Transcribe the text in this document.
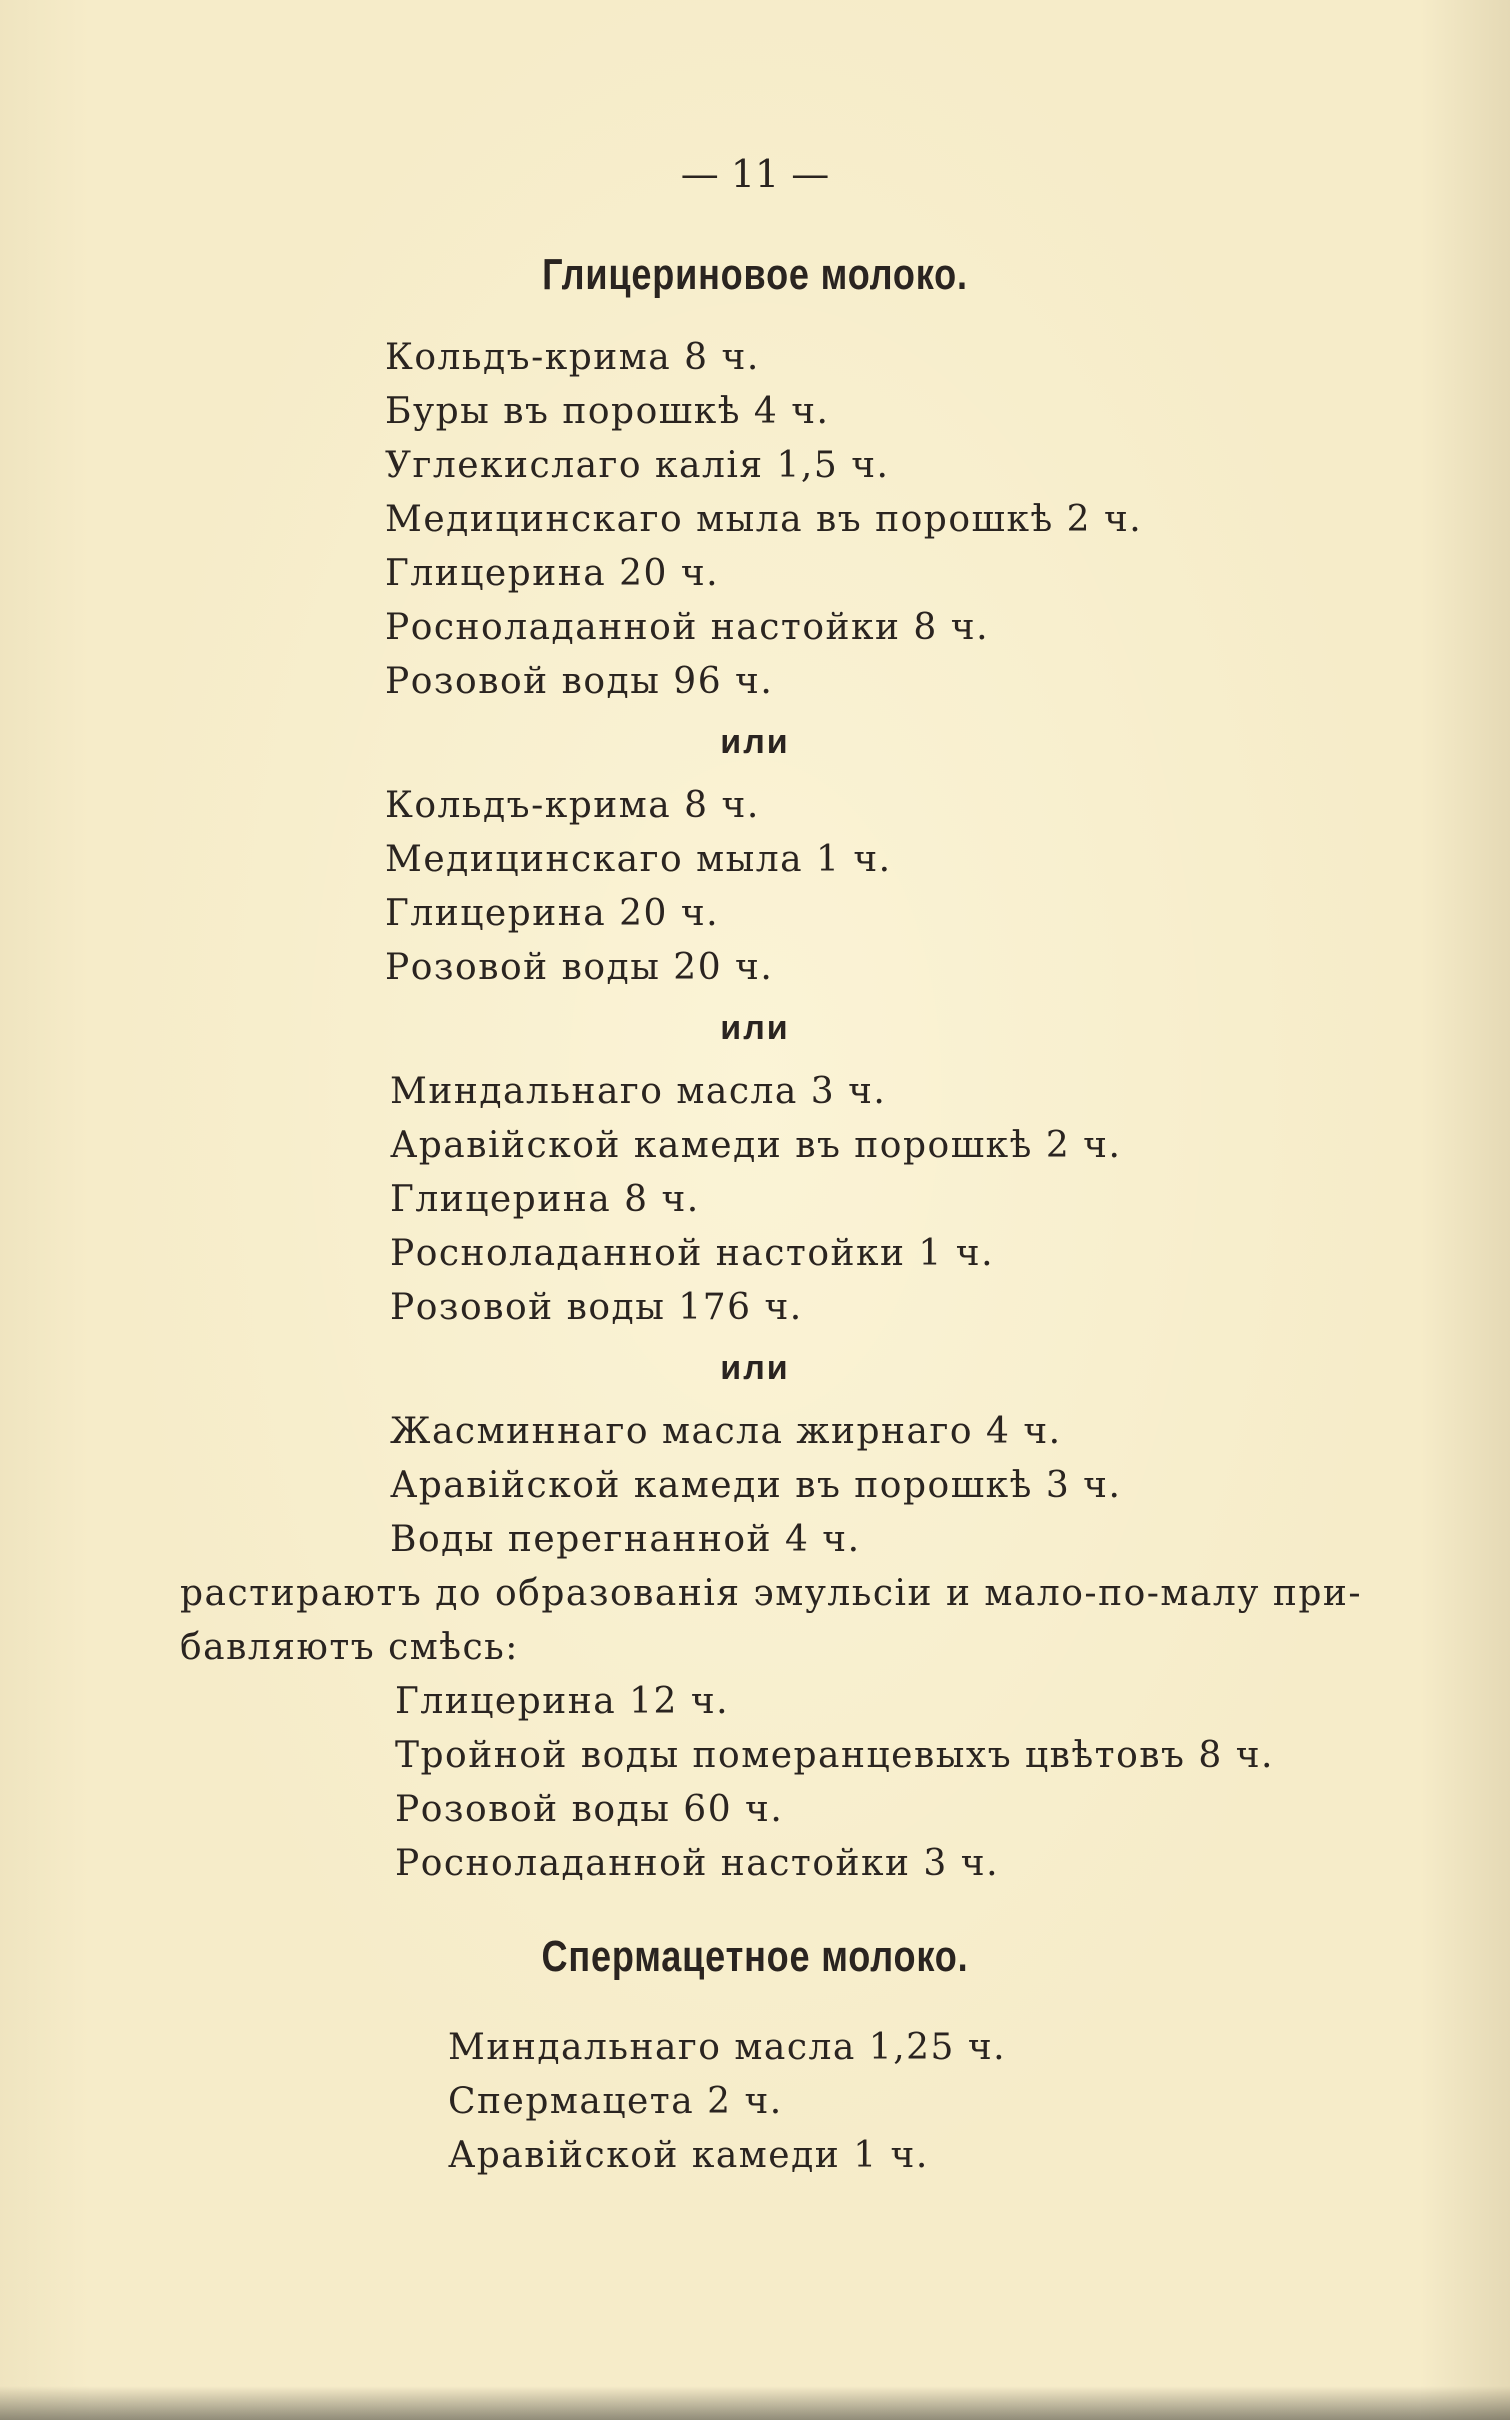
— 11 —
Глицериновое молоко.
Кольдъ-крима 8 ч.
Буры въ порошкѣ 4 ч.
Углекислаго калія 1,5 ч.
Медицинскаго мыла въ порошкѣ 2 ч.
Глицерина 20 ч.
Росноладанной настойки 8 ч.
Розовой воды 96 ч.
или
Кольдъ-крима 8 ч.
Медицинскаго мыла 1 ч.
Глицерина 20 ч.
Розовой воды 20 ч.
или
Миндальнаго масла 3 ч.
Аравійской камеди въ порошкѣ 2 ч.
Глицерина 8 ч.
Росноладанной настойки 1 ч.
Розовой воды 176 ч.
или
Жасминнаго масла жирнаго 4 ч.
Аравійской камеди въ порошкѣ 3 ч.
Воды перегнанной 4 ч.
растираютъ до образованія эмульсіи и мало-по-малу при-
бавляютъ смѣсь:
Глицерина 12 ч.
Тройной воды померанцевыхъ цвѣтовъ 8 ч.
Розовой воды 60 ч.
Росноладанной настойки 3 ч.
Спермацетное молоко.
Миндальнаго масла 1,25 ч.
Спермацета 2 ч.
Аравійской камеди 1 ч.
